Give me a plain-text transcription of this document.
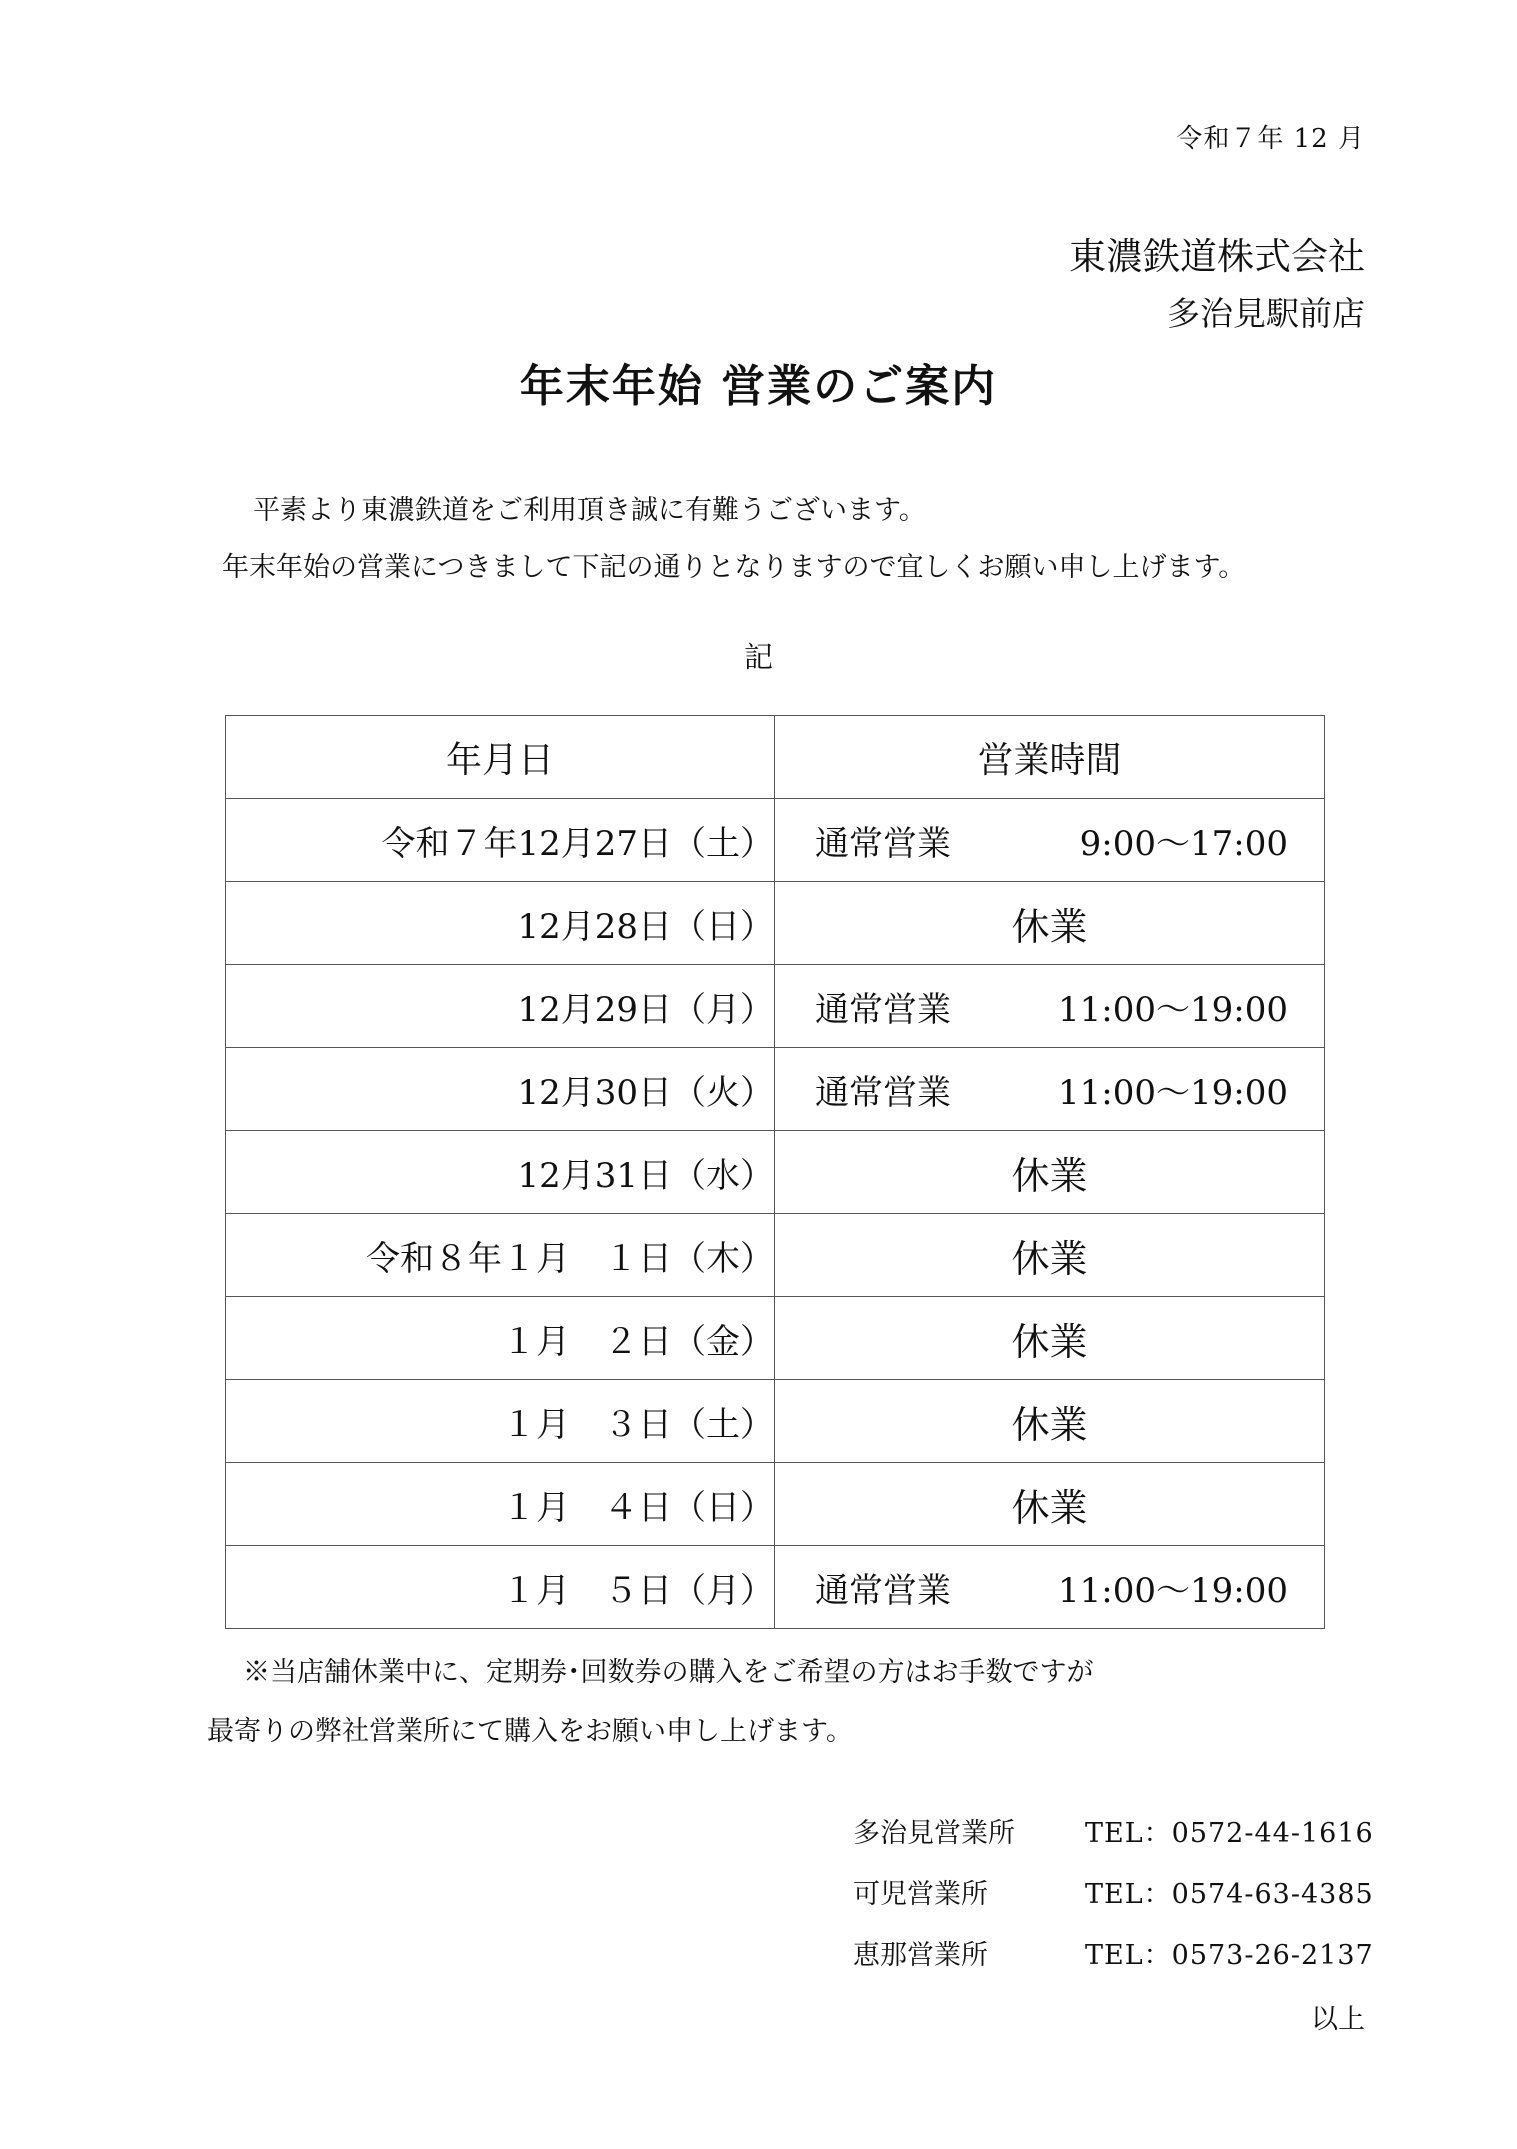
令和７年 12 月
東濃鉄道株式会社
多治見駅前店
年末年始 営業のご案内
平素より東濃鉄道をご利用頂き誠に有難うございます。
年末年始の営業につきまして下記の通りとなりますので宜しくお願い申し上げます。
記
年月日	営業時間
令和７年12月27日（土）	通常営業 9:00〜17:00

12月28日（日）	休業

12月29日（月）	通常営業 11:00〜19:00

12月30日（火）	通常営業 11:00〜19:00

12月31日（水）	休業

令和８年１月　１日（木）	休業

１月　２日（金）	休業

１月　３日（土）	休業

１月　４日（日）	休業

１月　５日（月）	通常営業 11:00〜19:00
※当店舗休業中に、定期券･回数券の購入をご希望の方はお手数ですが
最寄りの弊社営業所にて購入をお願い申し上げます。
多治見営業所	TEL：0572-44-1616
可児営業所	TEL：0574-63-4385
恵那営業所	TEL：0573-26-2137
以上
